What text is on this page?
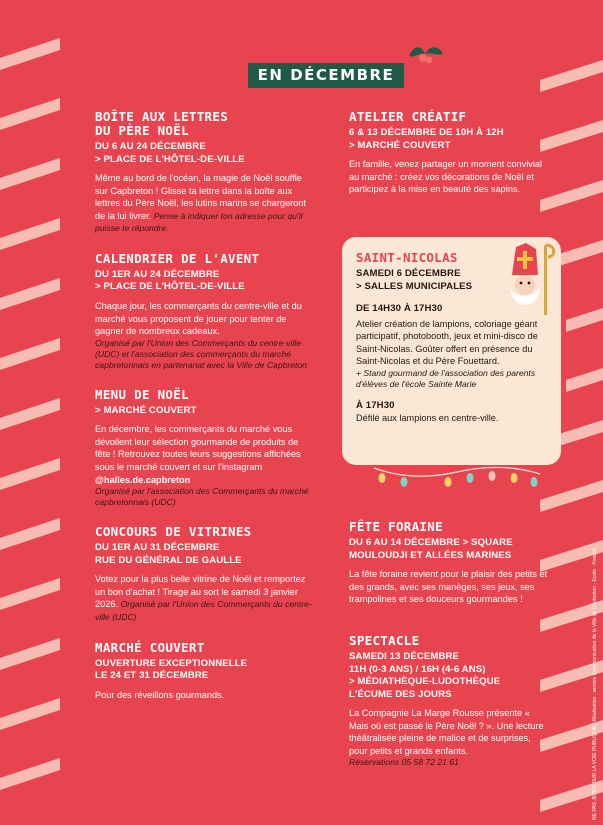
EN DÉCEMBRE
BOÎTE AUX LETTRES
DU PÈRE NOËL
DU 6 AU 24 DÉCEMBRE
> PLACE DE L'HÔTEL-DE-VILLE
Même au bord de l'océan, la magie de Noël souffle sur Capbreton ! Glisse ta lettre dans la boîte aux lettres du Père Noël, les lutins marins se chargeront de la lui livrer. Pense à indiquer ton adresse pour qu'il puisse te répondre.
CALENDRIER DE L'AVENT
DU 1ER AU 24 DÉCEMBRE
> PLACE DE L'HÔTEL-DE-VILLE
Chaque jour, les commerçants du centre-ville et du marché vous proposent de jouer pour tenter de gagner de nombreux cadeaux.
Organisé par l'Union des Commerçants du centre-ville (UDC) et l'association des commerçants du marché capbretonnais en partenariat avec la Ville de Capbreton
MENU DE NOËL
> MARCHÉ COUVERT
En décembre, les commerçants du marché vous dévoilent leur sélection gourmande de produits de fête ! Retrouvez toutes leurs suggestions affichées sous le marché couvert et sur l'instagram @halles.de.capbreton
Organisé par l'association des Commerçants du marché capbretonnais (UDC)
CONCOURS DE VITRINES
DU 1ER AU 31 DÉCEMBRE
RUE DU GÉNÉRAL DE GAULLE
Votez pour la plus belle vitrine de Noël et remportez un bon d'achat ! Tirage au sort le samedi 3 janvier 2026. Organisé par l'Union des Commerçants du centre-ville (UDC)
MARCHÉ COUVERT
OUVERTURE EXCEPTIONNELLE
LE 24 ET 31 DÉCEMBRE
Pour des réveillons gourmands.
ATELIER CRÉATIF
6 & 13 DÉCEMBRE DE 10H À 12H
> MARCHÉ COUVERT
En famille, venez partager un moment convivial au marché : créez vos décorations de Noël et participez à la mise en beauté des sapins.
SAINT-NICOLAS
SAMEDI 6 DÉCEMBRE
> SALLES MUNICIPALES
DE 14H30 À 17H30
Atelier création de lampions, coloriage géant participatif, photobooth, jeux et mini-disco de Saint-Nicolas. Goûter offert en présence du Saint-Nicolas et du Père Fouettard.
+ Stand gourmand de l'association des parents d'élèves de l'école Sainte Marie
À 17H30
Défilé aux lampions en centre-ville.
FÊTE FORAINE
DU 6 AU 14 DÉCEMBRE > SQUARE
MOULOUDJI ET ALLÉES MARINES
La fête foraine revient pour le plaisir des petits et des grands, avec ses manèges, ses jeux, ses trampolines et ses douceurs gourmandes !
SPECTACLE
SAMEDI 13 DÉCEMBRE
11H (0-3 ANS) / 16H (4-6 ANS)
> MÉDIATHÈQUE-LUDOTHÈQUE
L'ÉCUME DES JOURS
La Compagnie La Marge Rousse présente « Mais où est passé le Père Noël ? ». Une lecture théâtralisée pleine de malice et de surprises, pour petits et grands enfants.
Réservations 05 58 72 21 61	NE PAS JETER SUR LA VOIE PUBLIQUE / Réalisation : service Communication de la Ville de Capbreton · Ecole · Freepik
